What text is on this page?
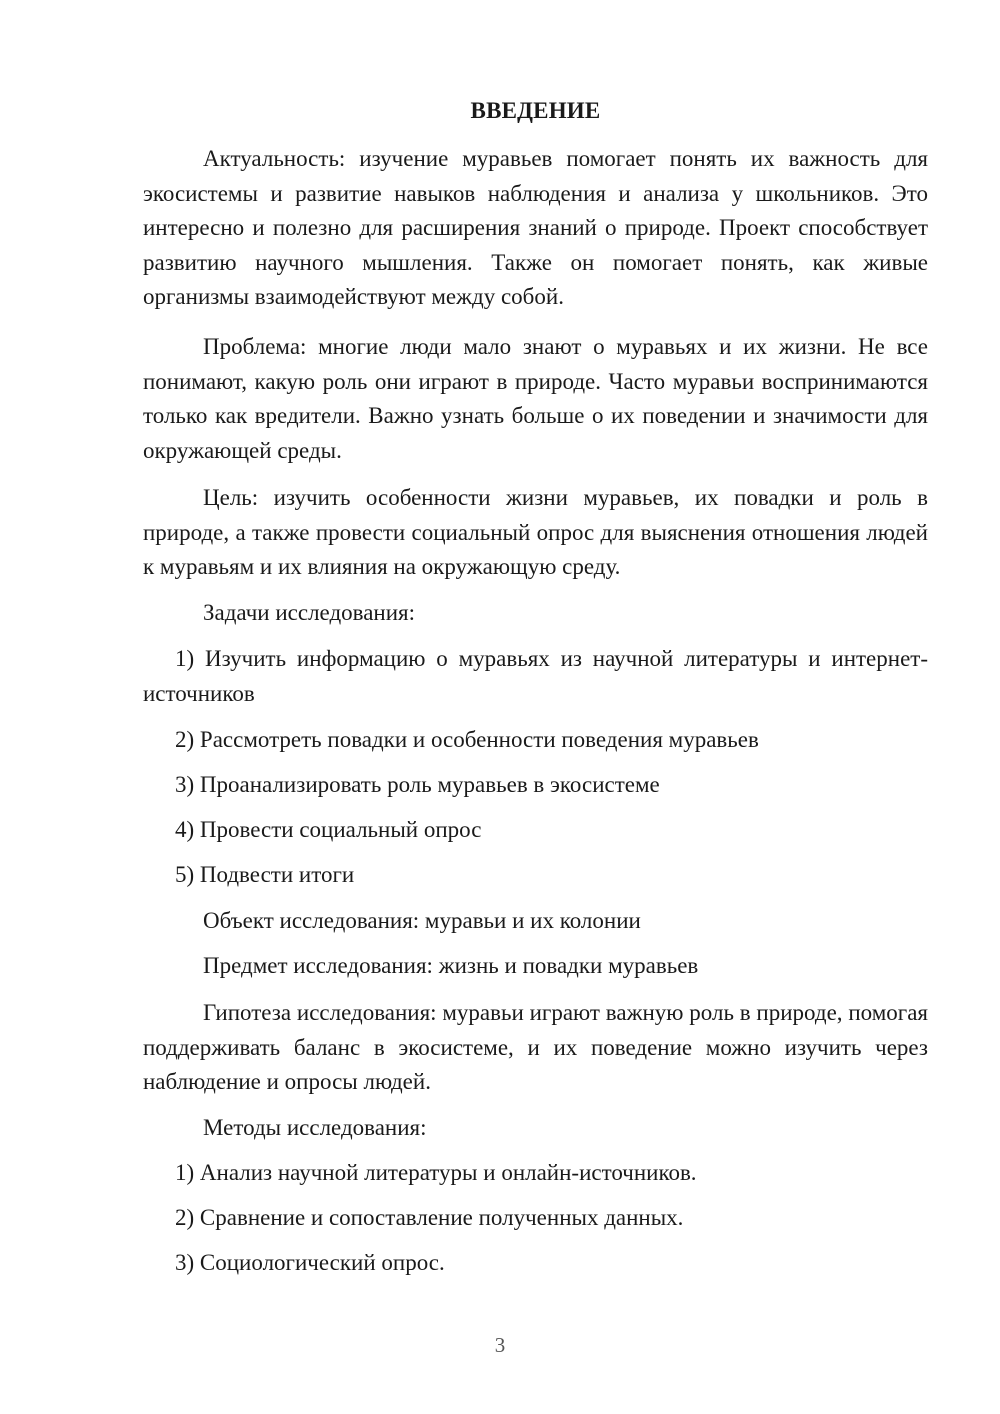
ВВЕДЕНИЕ

Актуальность: изучение муравьев помогает понять их важность для экосистемы и развитие навыков наблюдения и анализа у школьников. Это интересно и полезно для расширения знаний о природе. Проект способствует развитию научного мышления. Также он помогает понять, как живые организмы взаимодействуют между собой.

Проблема: многие люди мало знают о муравьях и их жизни. Не все понимают, какую роль они играют в природе. Часто муравьи воспринимаются только как вредители. Важно узнать больше о их поведении и значимости для окружающей среды.

Цель: изучить особенности жизни муравьев, их повадки и роль в природе, а также провести социальный опрос для выяснения отношения людей к муравьям и их влияния на окружающую среду.

Задачи исследования:

1) Изучить информацию о муравьях из научной литературы и интернет-источников

2) Рассмотреть повадки и особенности поведения муравьев

3) Проанализировать роль муравьев в экосистеме

4) Провести социальный опрос

5) Подвести итоги

Объект исследования: муравьи и их колонии

Предмет исследования: жизнь и повадки муравьев

Гипотеза исследования: муравьи играют важную роль в природе, помогая поддерживать баланс в экосистеме, и их поведение можно изучить через наблюдение и опросы людей.

Методы исследования:

1) Анализ научной литературы и онлайн-источников.

2) Сравнение и сопоставление полученных данных.

3) Социологический опрос.

3
